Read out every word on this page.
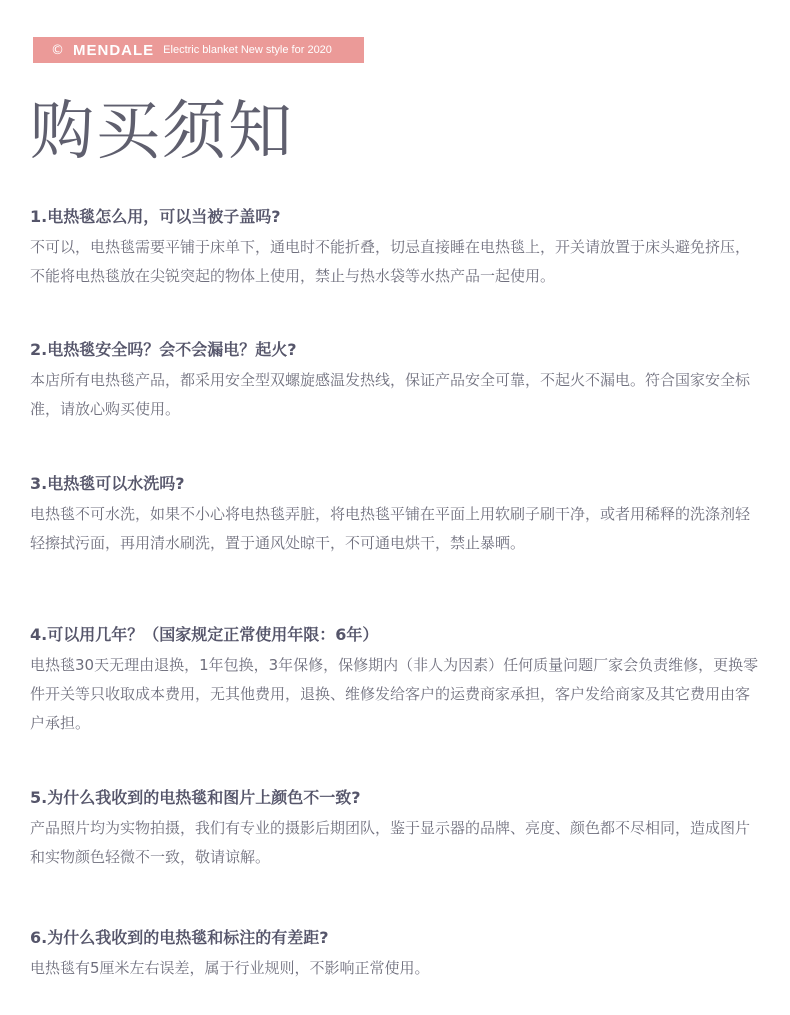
© MENDALE Electric blanket New style for 2020
购买须知

1.电热毯怎么用，可以当被子盖吗?

不可以，电热毯需要平铺于床单下，通电时不能折叠，切忌直接睡在电热毯上，开关请放置于床头避免挤压，不能将电热毯放在尖锐突起的物体上使用，禁止与热水袋等水热产品一起使用。

2.电热毯安全吗？会不会漏电？起火?

本店所有电热毯产品，都采用安全型双螺旋感温发热线，保证产品安全可靠，不起火不漏电。符合国家安全标准，请放心购买使用。

3.电热毯可以水洗吗?

电热毯不可水洗，如果不小心将电热毯弄脏，将电热毯平铺在平面上用软刷子刷干净，或者用稀释的洗涤剂轻轻擦拭污面，再用清水刷洗，置于通风处晾干，不可通电烘干，禁止暴晒。

4.可以用几年？（国家规定正常使用年限：6年）

电热毯30天无理由退换，1年包换，3年保修，保修期内（非人为因素）任何质量问题厂家会负责维修，更换零件开关等只收取成本费用，无其他费用，退换、维修发给客户的运费商家承担，客户发给商家及其它费用由客户承担。

5.为什么我收到的电热毯和图片上颜色不一致?

产品照片均为实物拍摄，我们有专业的摄影后期团队，鉴于显示器的品牌、亮度、颜色都不尽相同，造成图片和实物颜色轻微不一致，敬请谅解。

6.为什么我收到的电热毯和标注的有差距?

电热毯有5厘米左右误差，属于行业规则，不影响正常使用。
